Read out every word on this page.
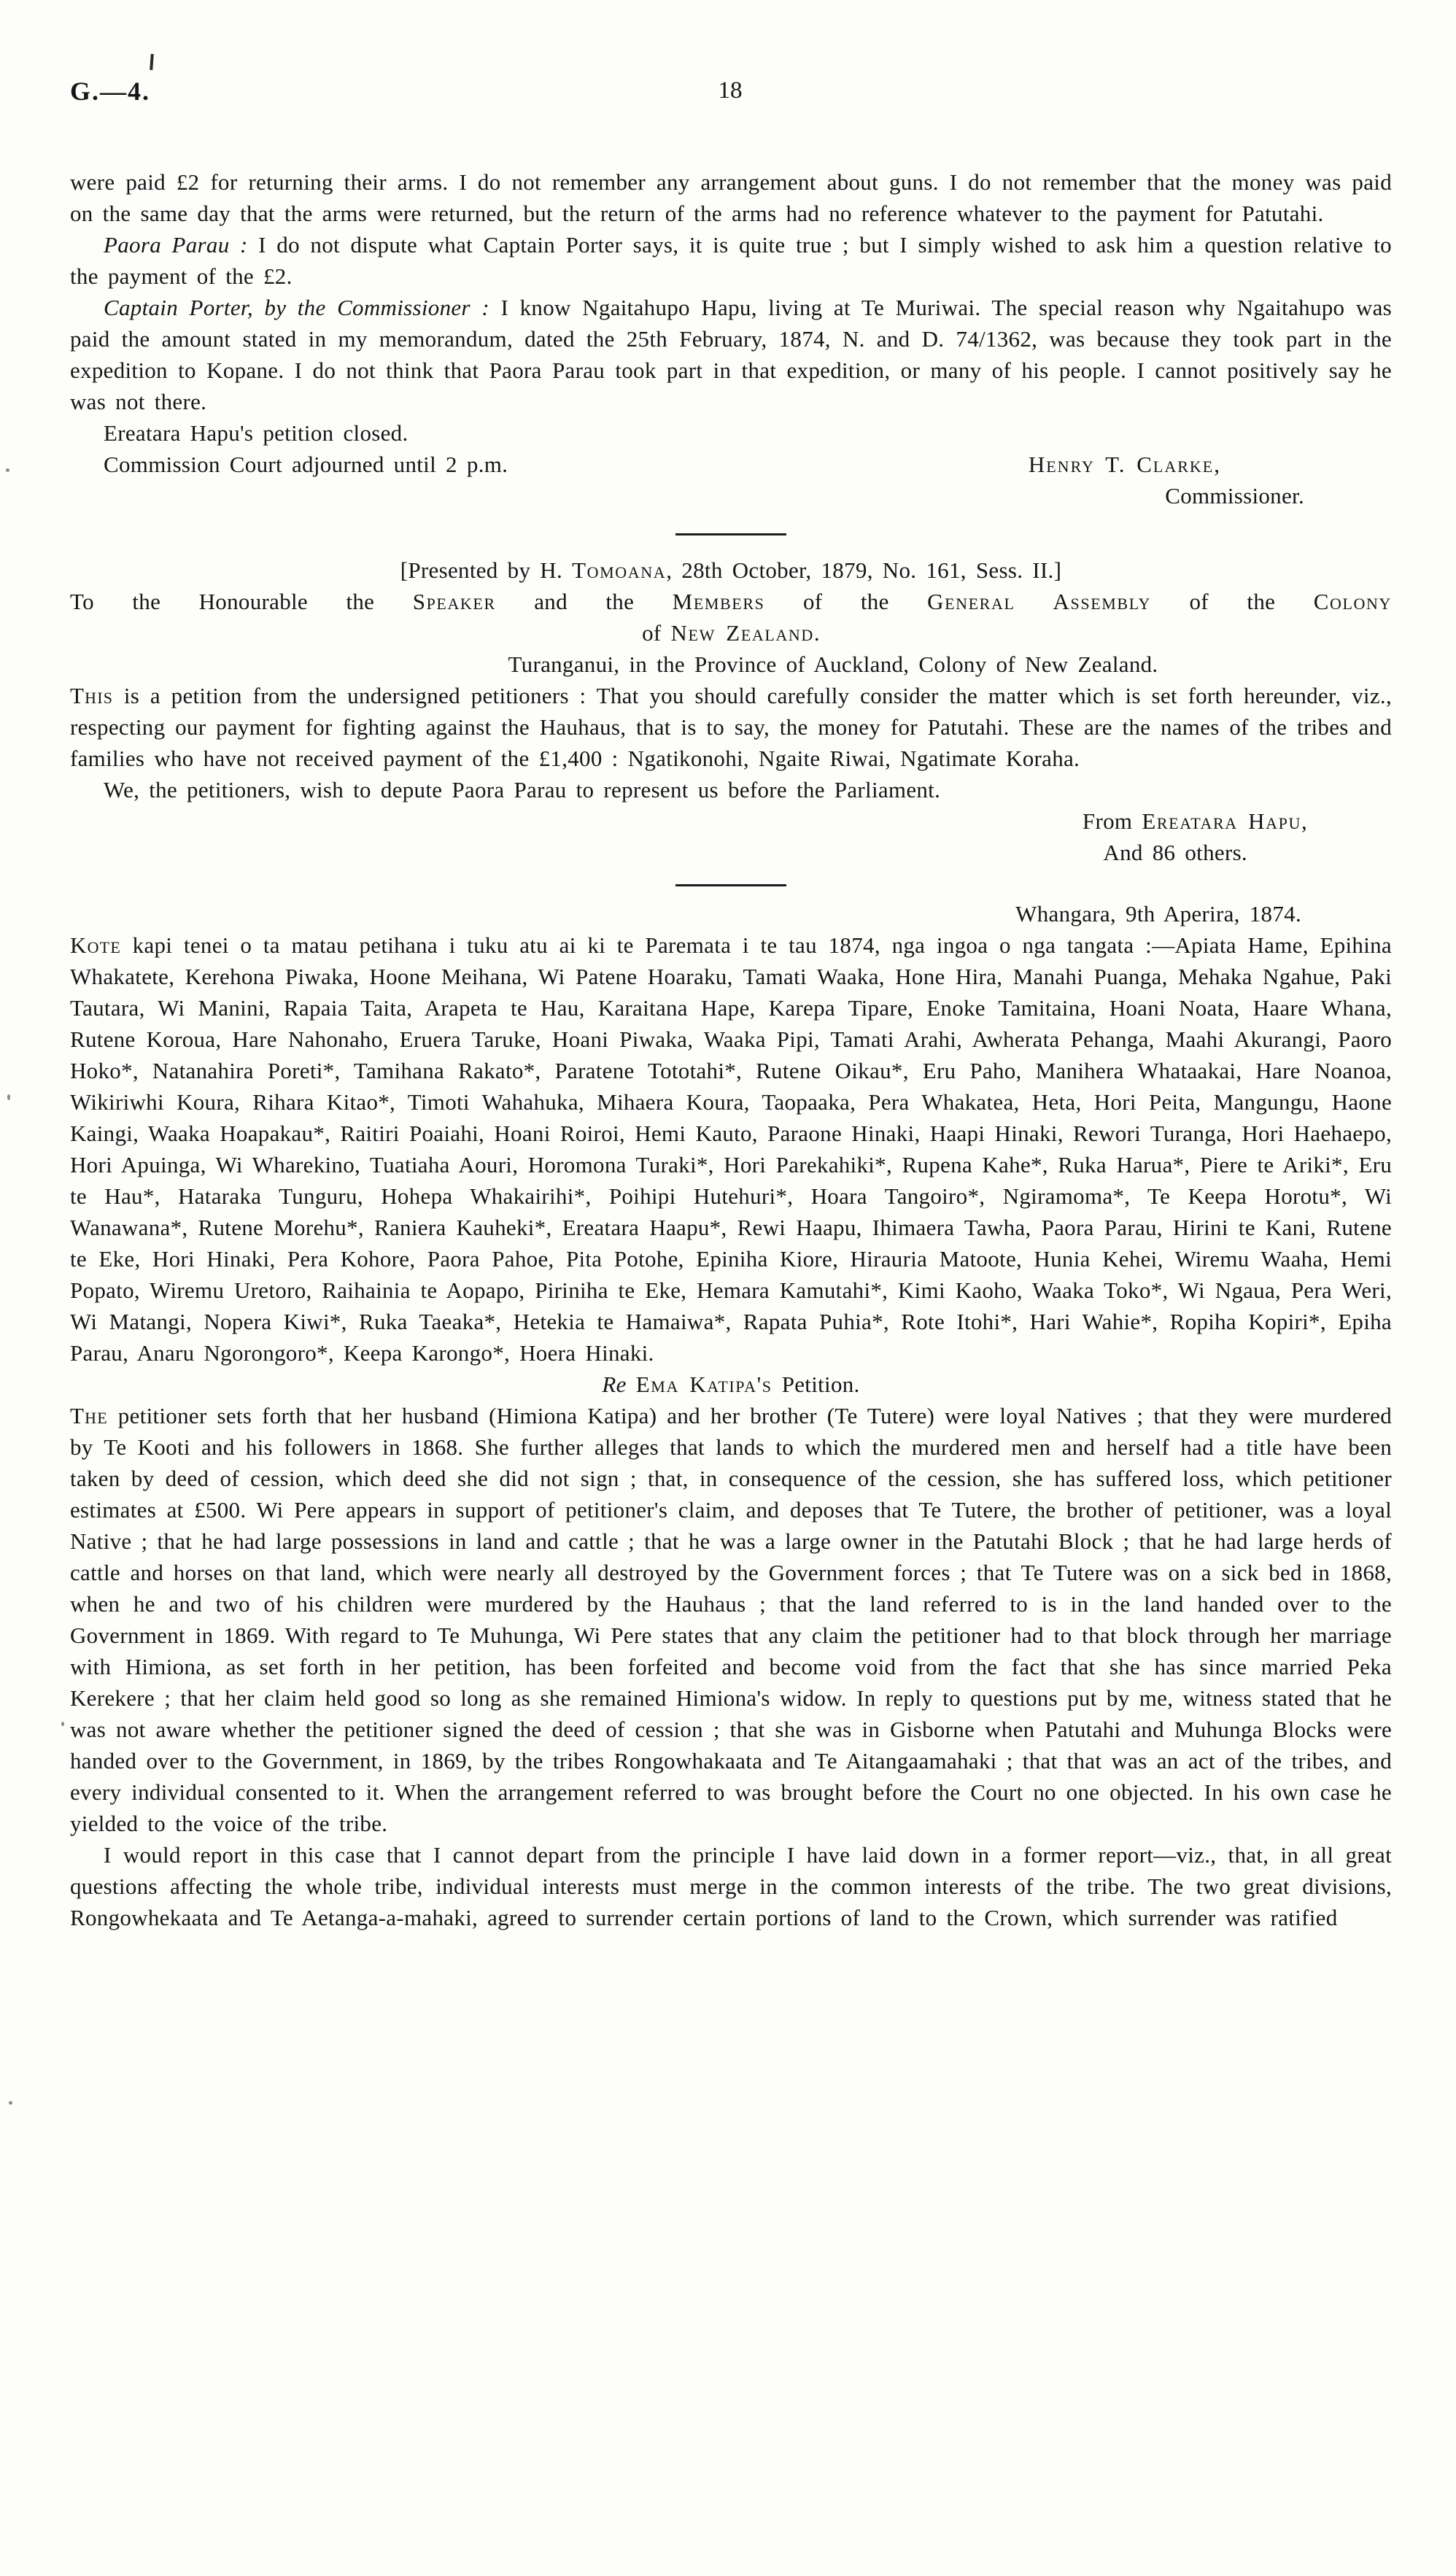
G.—4.	18

were paid £2 for returning their arms. I do not remember any arrangement about guns. I do not remember that the money was paid on the same day that the arms were returned, but the return of the arms had no reference whatever to the payment for Patutahi.

Paora Parau : I do not dispute what Captain Porter says, it is quite true ; but I simply wished to ask him a question relative to the payment of the £2.

Captain Porter, by the Commissioner : I know Ngaitahupo Hapu, living at Te Muriwai. The special reason why Ngaitahupo was paid the amount stated in my memorandum, dated the 25th February, 1874, N. and D. 74/1362, was because they took part in the expedition to Kopane. I do not think that Paora Parau took part in that expedition, or many of his people. I cannot positively say he was not there.

Ereatara Hapu's petition closed.

Commission Court adjourned until 2 p.m.	Henry T. Clarke,

Commissioner.

[Presented by H. Tomoana, 28th October, 1879, No. 161, Sess. II.]

To the Honourable the Speaker and the Members of the General Assembly of the Colony

of New Zealand.

Turanganui, in the Province of Auckland, Colony of New Zealand.

This is a petition from the undersigned petitioners : That you should carefully consider the matter which is set forth hereunder, viz., respecting our payment for fighting against the Hauhaus, that is to say, the money for Patutahi. These are the names of the tribes and families who have not received payment of the £1,400 : Ngatikonohi, Ngaite Riwai, Ngatimate Koraha.

We, the petitioners, wish to depute Paora Parau to represent us before the Parliament.

From Ereatara Hapu,

And 86 others.

Whangara, 9th Aperira, 1874.

Kote kapi tenei o ta matau petihana i tuku atu ai ki te Paremata i te tau 1874, nga ingoa o nga tangata :—Apiata Hame, Epihina Whakatete, Kerehona Piwaka, Hoone Meihana, Wi Patene Hoaraku, Tamati Waaka, Hone Hira, Manahi Puanga, Mehaka Ngahue, Paki Tautara, Wi Manini, Rapaia Taita, Arapeta te Hau, Karaitana Hape, Karepa Tipare, Enoke Tamitaina, Hoani Noata, Haare Whana, Rutene Koroua, Hare Nahonaho, Eruera Taruke, Hoani Piwaka, Waaka Pipi, Tamati Arahi, Awherata Pehanga, Maahi Akurangi, Paoro Hoko*, Natanahira Poreti*, Tamihana Rakato*, Paratene Tototahi*, Rutene Oikau*, Eru Paho, Manihera Whataakai, Hare Noanoa, Wikiriwhi Koura, Rihara Kitao*, Timoti Wahahuka, Mihaera Koura, Taopaaka, Pera Whakatea, Heta, Hori Peita, Mangungu, Haone Kaingi, Waaka Hoapakau*, Raitiri Poaiahi, Hoani Roiroi, Hemi Kauto, Paraone Hinaki, Haapi Hinaki, Rewori Turanga, Hori Haehaepo, Hori Apuinga, Wi Wharekino, Tuatiaha Aouri, Horomona Turaki*, Hori Parekahiki*, Rupena Kahe*, Ruka Harua*, Piere te Ariki*, Eru te Hau*, Hataraka Tunguru, Hohepa Whakairihi*, Poihipi Hutehuri*, Hoara Tangoiro*, Ngiramoma*, Te Keepa Horotu*, Wi Wanawana*, Rutene Morehu*, Raniera Kauheki*, Ereatara Haapu*, Rewi Haapu, Ihimaera Tawha, Paora Parau, Hirini te Kani, Rutene te Eke, Hori Hinaki, Pera Kohore, Paora Pahoe, Pita Potohe, Epiniha Kiore, Hirauria Matoote, Hunia Kehei, Wiremu Waaha, Hemi Popato, Wiremu Uretoro, Raihainia te Aopapo, Piriniha te Eke, Hemara Kamutahi*, Kimi Kaoho, Waaka Toko*, Wi Ngaua, Pera Weri, Wi Matangi, Nopera Kiwi*, Ruka Taeaka*, Hetekia te Hamaiwa*, Rapata Puhia*, Rote Itohi*, Hari Wahie*, Ropiha Kopiri*, Epiha Parau, Anaru Ngorongoro*, Keepa Karongo*, Hoera Hinaki.

Re Ema Katipa's Petition.

The petitioner sets forth that her husband (Himiona Katipa) and her brother (Te Tutere) were loyal Natives ; that they were murdered by Te Kooti and his followers in 1868. She further alleges that lands to which the murdered men and herself had a title have been taken by deed of cession, which deed she did not sign ; that, in consequence of the cession, she has suffered loss, which petitioner estimates at £500. Wi Pere appears in support of petitioner's claim, and deposes that Te Tutere, the brother of petitioner, was a loyal Native ; that he had large possessions in land and cattle ; that he was a large owner in the Patutahi Block ; that he had large herds of cattle and horses on that land, which were nearly all destroyed by the Government forces ; that Te Tutere was on a sick bed in 1868, when he and two of his children were murdered by the Hauhaus ; that the land referred to is in the land handed over to the Government in 1869. With regard to Te Muhunga, Wi Pere states that any claim the petitioner had to that block through her marriage with Himiona, as set forth in her petition, has been forfeited and become void from the fact that she has since married Peka Kerekere ; that her claim held good so long as she remained Himiona's widow. In reply to questions put by me, witness stated that he was not aware whether the petitioner signed the deed of cession ; that she was in Gisborne when Patutahi and Muhunga Blocks were handed over to the Government, in 1869, by the tribes Rongowhakaata and Te Aitangaamahaki ; that that was an act of the tribes, and every individual consented to it. When the arrangement referred to was brought before the Court no one objected. In his own case he yielded to the voice of the tribe.

I would report in this case that I cannot depart from the principle I have laid down in a former report—viz., that, in all great questions affecting the whole tribe, individual interests must merge in the common interests of the tribe. The two great divisions, Rongowhekaata and Te Aetanga-a-mahaki, agreed to surrender certain portions of land to the Crown, which surrender was ratified
